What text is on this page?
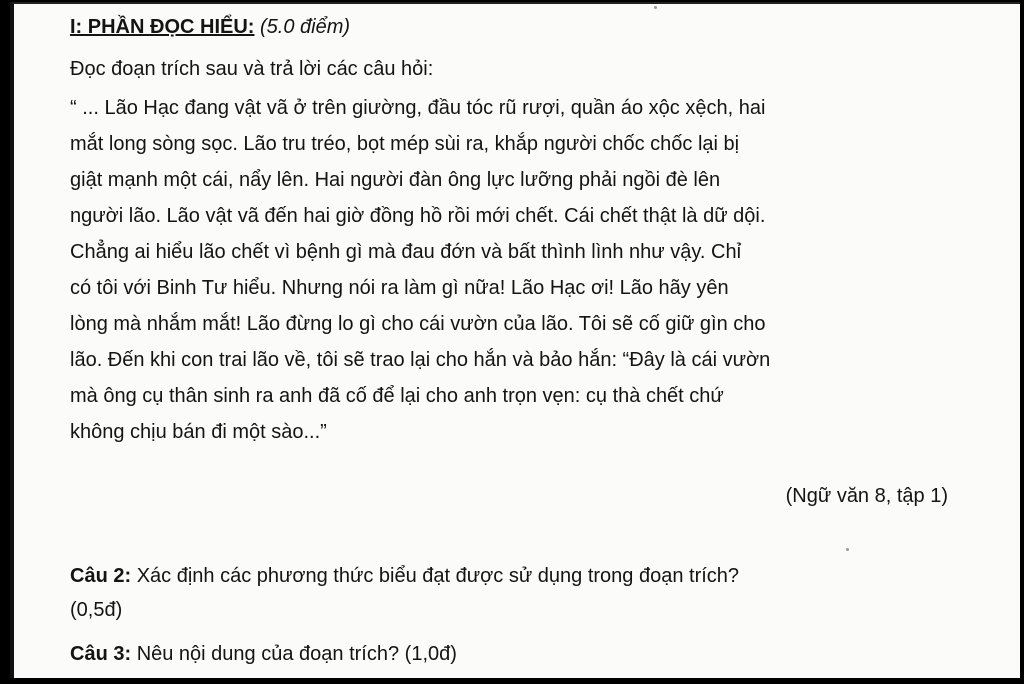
I: PHẦN ĐỌC HIỂU: (5.0 điểm)
Đọc đoạn trích sau và trả lời các câu hỏi:
“ ... Lão Hạc đang vật vã ở trên giường, đầu tóc rũ rượi, quần áo xộc xệch, hai
mắt long sòng sọc. Lão tru tréo, bọt mép sùi ra, khắp người chốc chốc lại bị
giật mạnh một cái, nẩy lên. Hai người đàn ông lực lưỡng phải ngồi đè lên
người lão. Lão vật vã đến hai giờ đồng hồ rồi mới chết. Cái chết thật là dữ dội.
Chẳng ai hiểu lão chết vì bệnh gì mà đau đớn và bất thình lình như vậy. Chỉ
có tôi với Binh Tư hiểu. Nhưng nói ra làm gì nữa! Lão Hạc ơi! Lão hãy yên
lòng mà nhắm mắt! Lão đừng lo gì cho cái vườn của lão. Tôi sẽ cố giữ gìn cho
lão. Đến khi con trai lão về, tôi sẽ trao lại cho hắn và bảo hắn: “Đây là cái vườn
mà ông cụ thân sinh ra anh đã cố để lại cho anh trọn vẹn: cụ thà chết chứ
không chịu bán đi một sào...”
(Ngữ văn 8, tập 1)
Câu 2: Xác định các phương thức biểu đạt được sử dụng trong đoạn trích?
(0,5đ)
Câu 3: Nêu nội dung của đoạn trích? (1,0đ)
